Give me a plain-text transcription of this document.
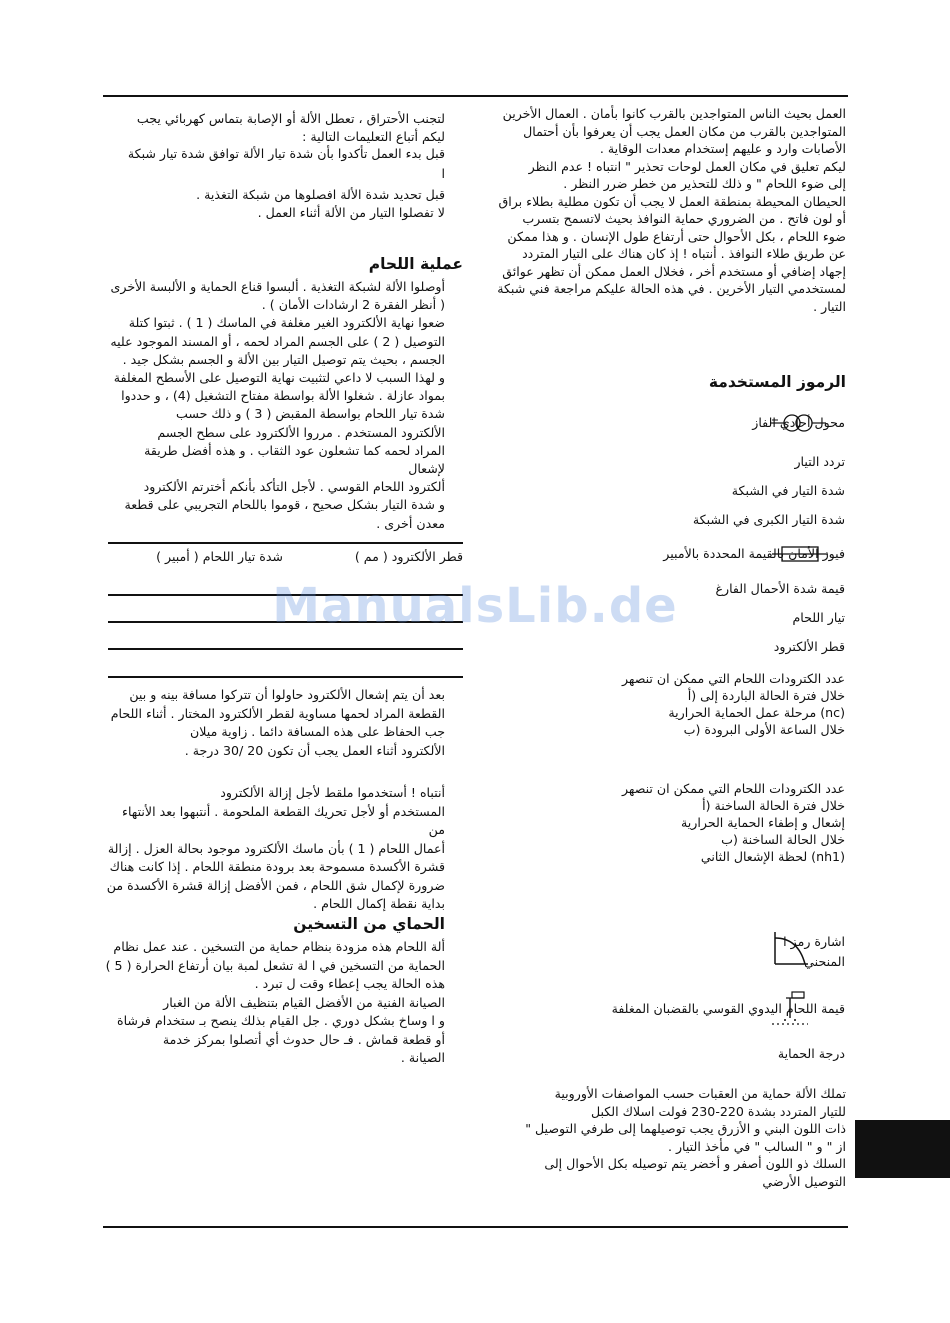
العمل بحيث الناس المتواجدين بالقرب كانوا بأمان . العمال الأخرين

المتواجدين بالقرب من مكان العمل يجب أن يعرفوا بأن أحتمال

الأصابات وارد و عليهم إستخدام معدات الوقاية .

ليكم تعليق في مكان العمل لوحات تحذير " انتباه ! عدم النظر

إلى ضوء اللحام " و ذلك للتحذير من خطر ضرر النظر .

الحيطان المحيطة بمنطقة العمل لا يجب أن تكون مطلية بطلاء براق

أو لون فاتح . من الضروري حماية النوافذ بحيث لاتسمح بتسرب

ضوء اللحام ، بكل الأحوال حتى أرتفاع طول الإنسان . و هذا ممكن

عن طريق طلاء النوافذ . أنتباه ! إذ كان هناك على التيار المتردد

إجهاد إضافي أو مستخدم أخر ، فخلال العمل ممكن أن تظهر عوائق

لمستخدمي التيار الأخرين . في هذه الحالة عليكم مراجعة فني شبكة

التيار .

الرموز المستخدمة
محول أحادي الفاز
تردد التيار
شدة التيار في الشبكة
شدة التيار الكبرى في الشبكة
فيوز الأمان بالقيمة المحددة بالأمبير
قيمة شدة الأحمال الفارغ
تيار اللحام
قطر الألكترود
عدد الكترودات اللحام التي ممكن ان تنصهر
خلال فترة الحالة الباردة إلى (أ
(nc) مرحلة عمل الحماية الحرارية
خلال الساعة الأولى البرودة (ب
عدد الكترودات اللحام التي ممكن ان تنصهر
خلال فترة الحالة الساخنة (أ
إشعال و إطفاء الحماية الحرارية
خلال الحالة الساخنة (ب
(nh1) لحظة الإشعال الثاني
اشارة رمز ا
المنحني
قيمة اللحام اليدوي القوسي بالقضبان المغلفة
درجة الحماية

تملك الألة حماية من العقبات حسب المواصفات الأوروبية

للتيار المتردد بشدة 220-230 فولت اسلاك الكبل

ذات اللون البني و الأزرق يجب توصيلهما إلى طرفي التوصيل "

از " و " السالب " في مأخذ التيار .

السلك ذو اللون أصفر و أخضر يتم توصيله بكل الأحوال إلى

التوصيل الأرضي

لتجنب الأحتراق ، تعطل الألة أو الإصابة بتماس كهربائي يجب

ليكم أتباع التعليمات التالية :

قبل بدء العمل تأكدوا بأن شدة تيار الألة توافق شدة تيار شبكة

ا

قبل تحديد شدة الألة افصلوها من شبكة التغذية .

لا تفصلوا التيار من الألة أثناء العمل .

عملية اللحام

أوصلوا الألة لشبكة التغذية . ألبسوا قناع الحماية و الألبسة الأخرى

( أنظر الفقرة 2 ارشادات الأمان ) .

ضعوا نهاية الألكترود الغير مغلفة في الماسك ( 1 ) . ثبتوا كتلة

التوصيل ( 2 ) على الجسم المراد لحمه ، أو المسند الموجود عليه

الجسم ، بحيث يتم توصيل التيار بين الألة و الجسم بشكل جيد .

و لهذا السبب لا داعي لتثبيت نهاية التوصيل على الأسطح المغلفة

بمواد عازلة . شغلوا الألة بواسطة مفتاح التشغيل (4) ، و حددوا

شدة تيار اللحام بواسطة المقبض ( 3 ) و ذلك حسب

الألكترود المستخدم . مرروا الألكترود على سطح الجسم

المراد لحمه كما تشعلون عود الثقاب . و هذه أفضل طريقة لإشعال

ألكترود اللحام القوسي . لأجل التأكد بأنكم أخترتم الألكترود

و شدة التيار بشكل صحيح ، قوموا باللحام التجريبي على قطعة

معدن أخرى .

قطر الألكترود ( مم )
شدة تيار اللحام ( أمبير )

بعد أن يتم إشعال الألكترود حاولوا أن تتركوا مسافة بينه و بين

القطعة المراد لحمها مساوية لقطر الألكترود المختار . أثناء اللحام

جب الحفاظ على هذه المسافة دائما . زاوية ميلان

الألكترود أثناء العمل يجب أن تكون 20 /30 درجة .

أنتباه ! أستخدموا ملقط لأجل إزالة الألكترود

المستخدم أو لأجل تحريك القطعة الملحومة . أنتبهوا بعد الأنتهاء من

أعمال اللحام ( 1 ) بأن ماسك الألكترود موجود بحالة العزل . إزالة

قشرة الأكسدة مسموحة بعد برودة منطقة اللحام . إذا كانت هناك

ضرورة لإكمال شق اللحام ، فمن الأفضل إزالة قشرة الأكسدة من

بداية نقطة إكمال اللحام .

الحماي من التسخين

ألة اللحام هذه مزودة بنظام حماية من التسخين . عند عمل نظام

الحماية من التسخين في ا لة تشعل لمبة بيان أرتفاع الحرارة ( 5 )

هذه الحالة يجب إعطاء وقت ل تبرد .

الصيانة الفنية من الأفضل القيام بتنظيف الألة من الغبار

و ا وساخ بشكل دوري . جل القيام بذلك ينصح بـ ستخدام فرشاة

أو قطعة قماش . فـ حال حدوث أي أتصلوا بمركز خدمة

الصيانة .

ManualsLib.de
